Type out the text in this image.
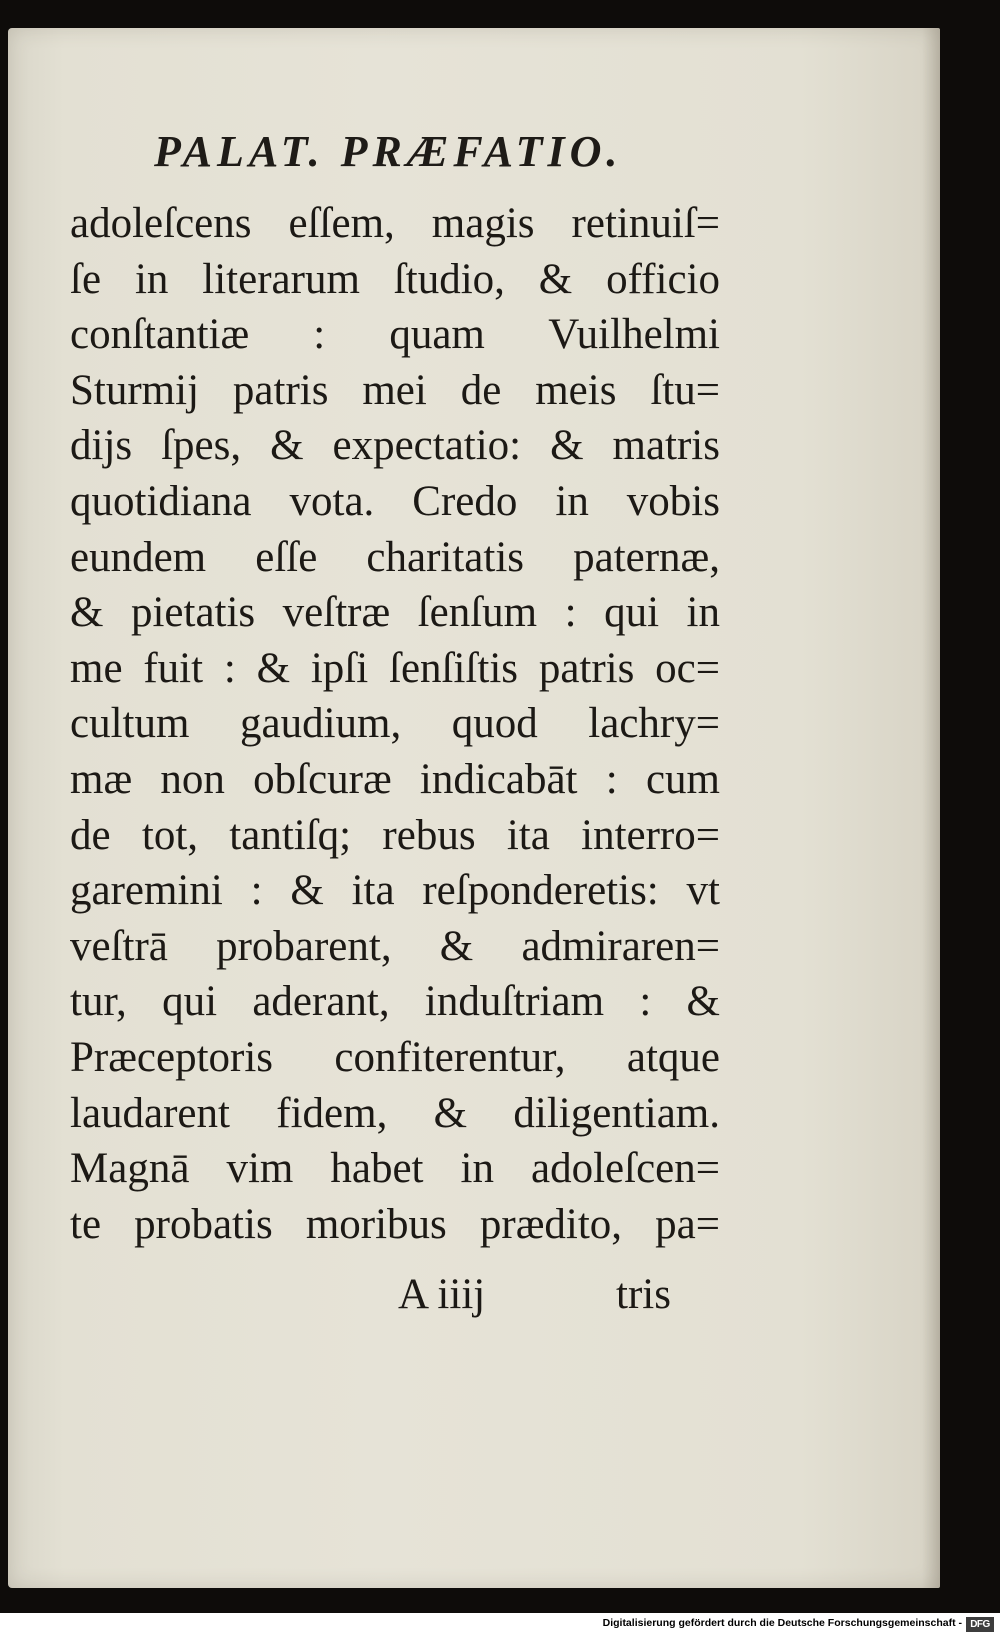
PALAT. PRÆFATIO.
adoleſcens eſſem, magis retinuiſ=
ſe in literarum ſtudio, & officio
conſtantiæ : quam Vuilhelmi
Sturmij patris mei de meis ſtu=
dijs ſpes, & expectatio: & matris
quotidiana vota. Credo in vobis
eundem eſſe charitatis paternæ,
& pietatis veſtræ ſenſum : qui in
me fuit : & ipſi ſenſiſtis patris oc=
cultum gaudium, quod lachry=
mæ non obſcuræ indicabāt : cum
de tot, tantiſq; rebus ita interro=
garemini : & ita reſponderetis: vt
veſtrā probarent, & admiraren=
tur, qui aderant, induſtriam : &
Præceptoris confiterentur, atque
laudarent fidem, & diligentiam.
Magnā vim habet in adoleſcen=
te probatis moribus prædito, pa=
A iiij	tris
Digitalisierung gefördert durch die Deutsche Forschungsgemeinschaft - DFG
